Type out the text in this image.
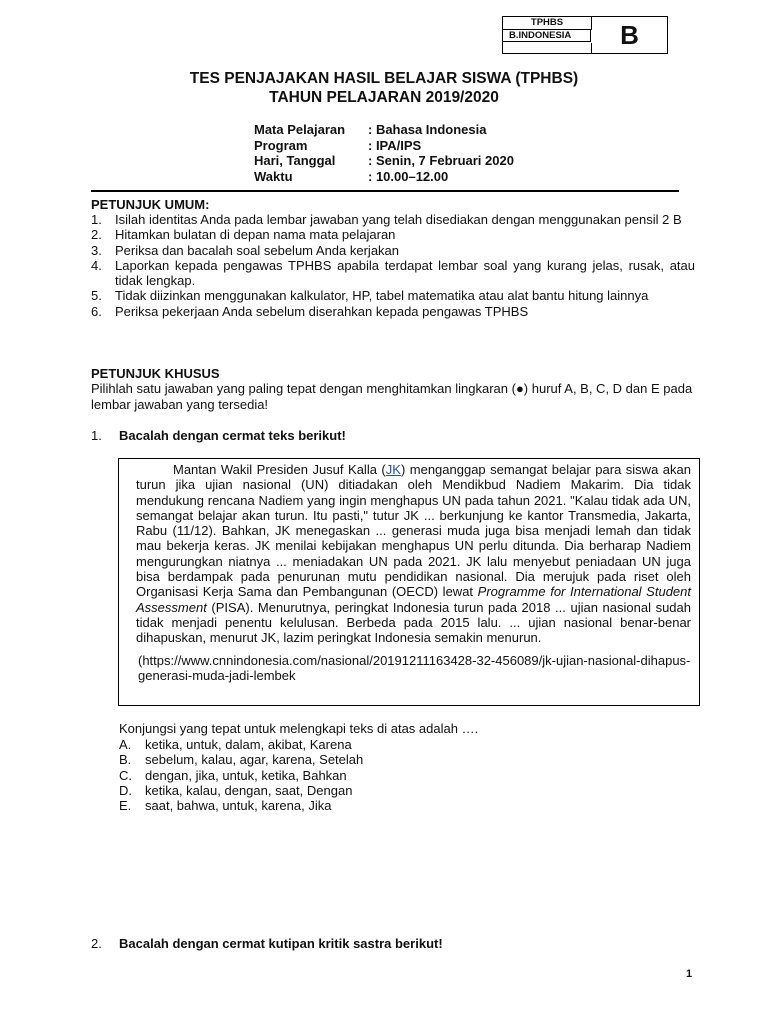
TPHBS
B.INDONESIA	B
TES PENJAJAKAN HASIL BELAJAR SISWA (TPHBS)
TAHUN PELAJARAN 2019/2020
Mata Pelajaran	: Bahasa Indonesia
Program	: IPA/IPS
Hari, Tanggal	: Senin, 7 Februari 2020
Waktu	: 10.00–12.00
PETUNJUK UMUM:
1. Isilah identitas Anda pada lembar jawaban yang telah disediakan dengan menggunakan pensil 2 B
2. Hitamkan bulatan di depan nama mata pelajaran
3. Periksa dan bacalah soal sebelum Anda kerjakan
4. Laporkan kepada pengawas TPHBS apabila terdapat lembar soal yang kurang jelas, rusak, atau tidak lengkap.
5. Tidak diizinkan menggunakan kalkulator, HP, tabel matematika atau alat bantu hitung lainnya
6. Periksa pekerjaan Anda sebelum diserahkan kepada pengawas TPHBS
PETUNJUK KHUSUS
Pilihlah satu jawaban yang paling tepat dengan menghitamkan lingkaran (●) huruf A, B, C, D dan E pada lembar jawaban yang tersedia!
1. Bacalah dengan cermat teks berikut!

Mantan Wakil Presiden Jusuf Kalla (JK) menganggap semangat belajar para siswa akan turun jika ujian nasional (UN) ditiadakan oleh Mendikbud Nadiem Makarim. Dia tidak mendukung rencana Nadiem yang ingin menghapus UN pada tahun 2021. "Kalau tidak ada UN, semangat belajar akan turun. Itu pasti," tutur JK ... berkunjung ke kantor Transmedia, Jakarta, Rabu (11/12). Bahkan, JK menegaskan ... generasi muda juga bisa menjadi lemah dan tidak mau bekerja keras. JK menilai kebijakan menghapus UN perlu ditunda. Dia berharap Nadiem mengurungkan niatnya ... meniadakan UN pada 2021. JK lalu menyebut peniadaan UN juga bisa berdampak pada penurunan mutu pendidikan nasional. Dia merujuk pada riset oleh Organisasi Kerja Sama dan Pembangunan (OECD) lewat Programme for International Student Assessment (PISA). Menurutnya, peringkat Indonesia turun pada 2018 ... ujian nasional sudah tidak menjadi penentu kelulusan. Berbeda pada 2015 lalu. ... ujian nasional benar-benar dihapuskan, menurut JK, lazim peringkat Indonesia semakin menurun.

(https://www.cnnindonesia.com/nasional/20191211163428-32-456089/jk-ujian-nasional-dihapus-generasi-muda-jadi-lembek

Konjungsi yang tepat untuk melengkapi teks di atas adalah ….
A.	ketika, untuk, dalam, akibat, Karena
B.	sebelum, kalau, agar, karena, Setelah
C.	dengan, jika, untuk, ketika, Bahkan
D.	ketika, kalau, dengan, saat, Dengan
E.	saat, bahwa, untuk, karena, Jika
2. Bacalah dengan cermat kutipan kritik sastra berikut!
1
